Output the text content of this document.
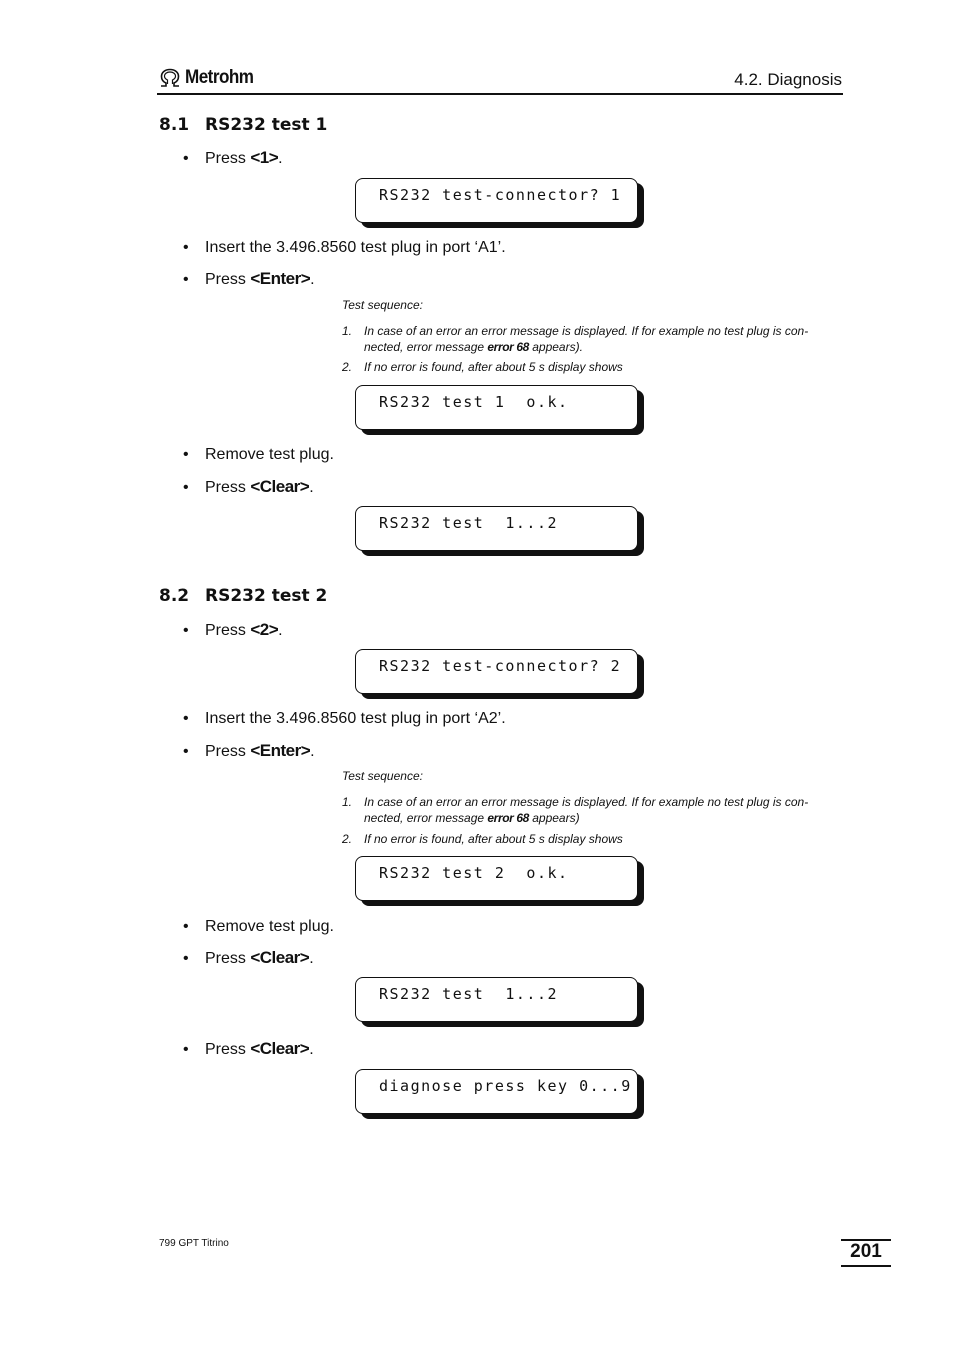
Metrohm	4.2. Diagnosis
8.1 RS232 test 1
• Press <1>.
RS232 test-connector? 1
• Insert the 3.496.8560 test plug in port ‘A1’.
• Press <Enter>.
Test sequence:
1. In case of an error an error message is displayed. If for example no test plug is con-nected, error message error 68 appears).
2. If no error is found, after about 5 s display shows
RS232 test 1  o.k.
• Remove test plug.
• Press <Clear>.
RS232 test  1...2
8.2 RS232 test 2
• Press <2>.
RS232 test-connector? 2
• Insert the 3.496.8560 test plug in port ‘A2’.
• Press <Enter>.
Test sequence:
1. In case of an error an error message is displayed. If for example no test plug is con-nected, error message error 68 appears)
2. If no error is found, after about 5 s display shows
RS232 test 2  o.k.
• Remove test plug.
• Press <Clear>.
RS232 test  1...2
• Press <Clear>.
diagnose press key 0...9
799 GPT Titrino	201
